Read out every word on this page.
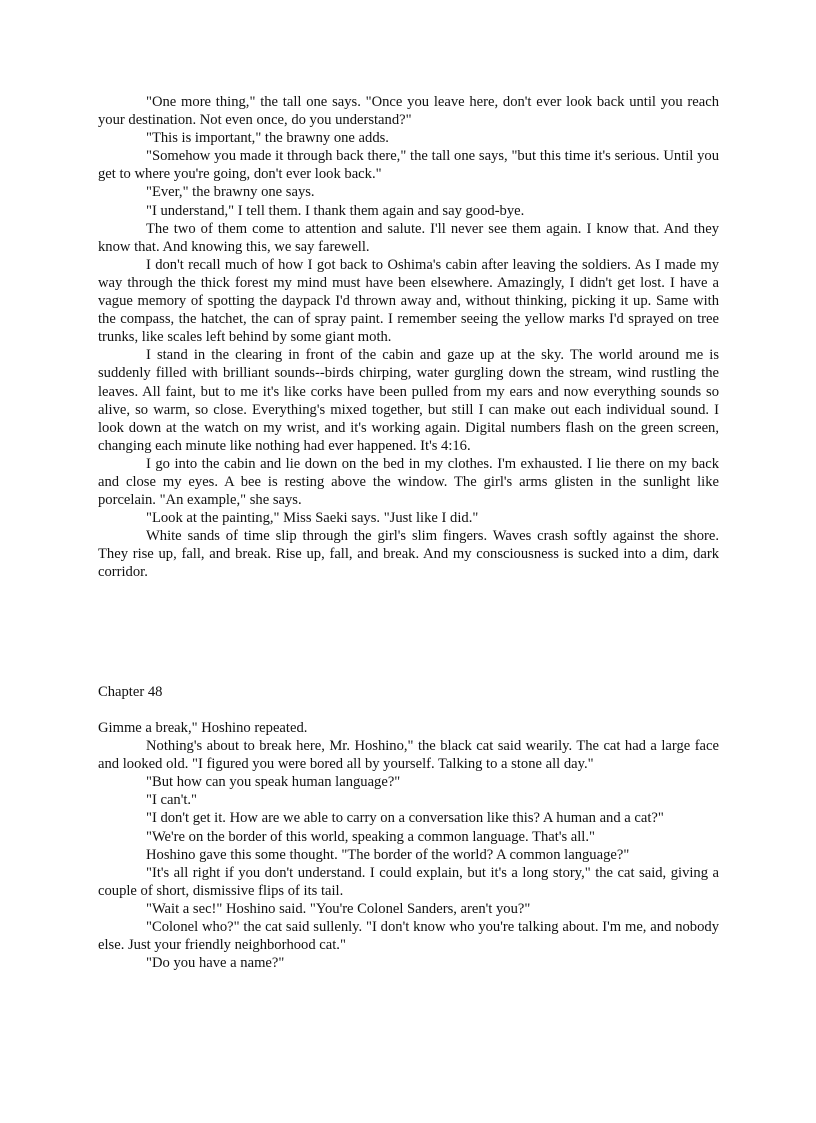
"One more thing," the tall one says. "Once you leave here, don't ever look back until you reach your destination. Not even once, do you understand?"

"This is important," the brawny one adds.

"Somehow you made it through back there," the tall one says, "but this time it's serious. Until you get to where you're going, don't ever look back."

"Ever," the brawny one says.

"I understand," I tell them. I thank them again and say good-bye.

The two of them come to attention and salute. I'll never see them again. I know that. And they know that. And knowing this, we say farewell.

I don't recall much of how I got back to Oshima's cabin after leaving the soldiers. As I made my way through the thick forest my mind must have been elsewhere. Amazingly, I didn't get lost. I have a vague memory of spotting the daypack I'd thrown away and, without thinking, picking it up. Same with the compass, the hatchet, the can of spray paint. I remember seeing the yellow marks I'd sprayed on tree trunks, like scales left behind by some giant moth.

I stand in the clearing in front of the cabin and gaze up at the sky. The world around me is suddenly filled with brilliant sounds--birds chirping, water gurgling down the stream, wind rustling the leaves. All faint, but to me it's like corks have been pulled from my ears and now everything sounds so alive, so warm, so close. Everything's mixed together, but still I can make out each individual sound. I look down at the watch on my wrist, and it's working again. Digital numbers flash on the green screen, changing each minute like nothing had ever happened. It's 4:16.

I go into the cabin and lie down on the bed in my clothes. I'm exhausted. I lie there on my back and close my eyes. A bee is resting above the window. The girl's arms glisten in the sunlight like porcelain. "An example," she says.

"Look at the painting," Miss Saeki says. "Just like I did."

White sands of time slip through the girl's slim fingers. Waves crash softly against the shore. They rise up, fall, and break. Rise up, fall, and break. And my consciousness is sucked into a dim, dark corridor.

Chapter 48

Gimme a break," Hoshino repeated.

Nothing's about to break here, Mr. Hoshino," the black cat said wearily. The cat had a large face and looked old. "I figured you were bored all by yourself. Talking to a stone all day."

"But how can you speak human language?"

"I can't."

"I don't get it. How are we able to carry on a conversation like this? A human and a cat?"

"We're on the border of this world, speaking a common language. That's all."

Hoshino gave this some thought. "The border of the world? A common language?"

"It's all right if you don't understand. I could explain, but it's a long story," the cat said, giving a couple of short, dismissive flips of its tail.

"Wait a sec!" Hoshino said. "You're Colonel Sanders, aren't you?"

"Colonel who?" the cat said sullenly. "I don't know who you're talking about. I'm me, and nobody else. Just your friendly neighborhood cat."

"Do you have a name?"
